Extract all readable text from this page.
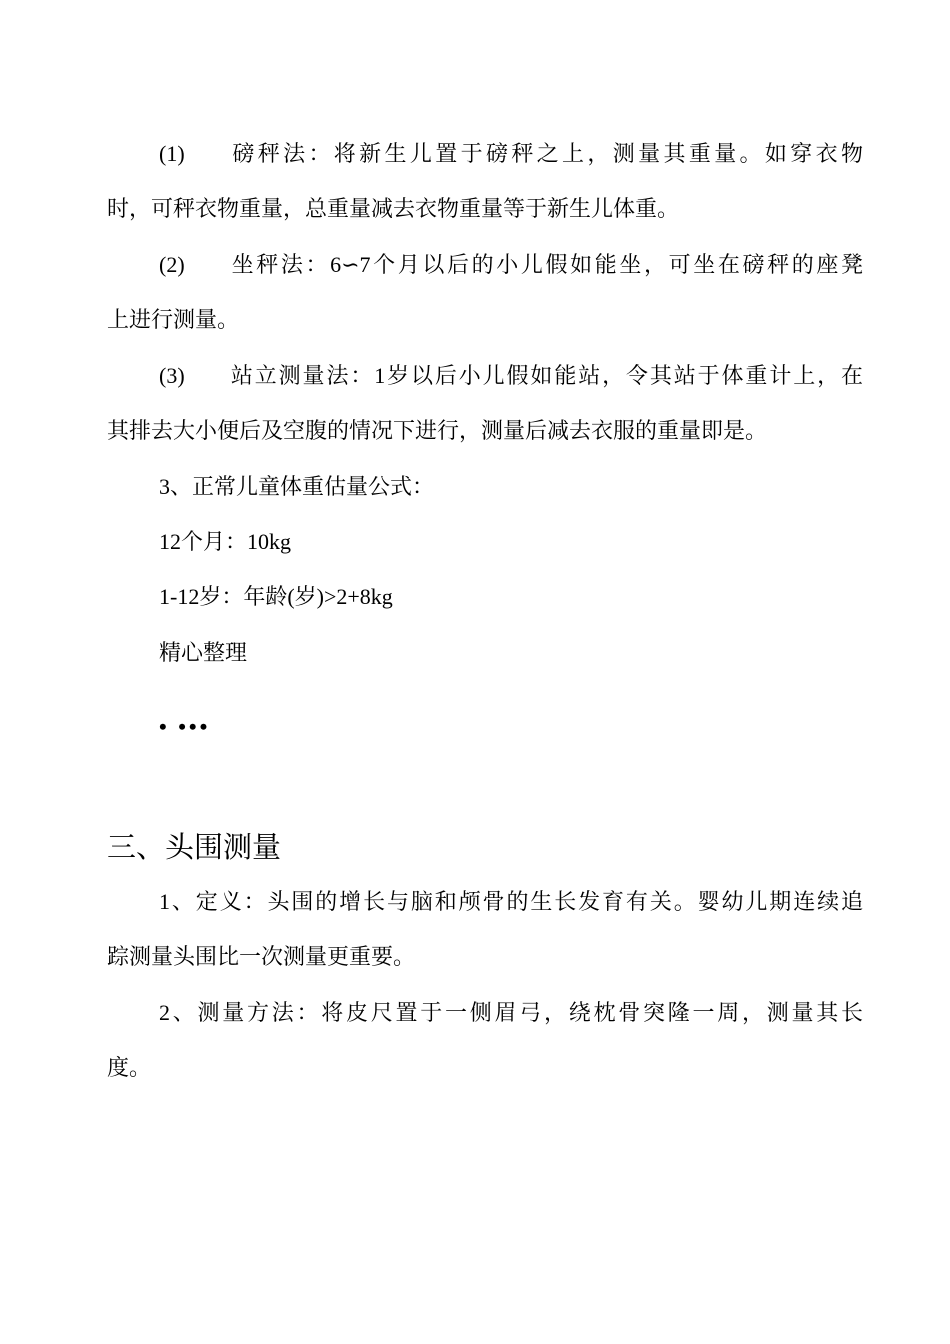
(1) 磅秤法：将新生儿置于磅秤之上，测量其重量。如穿衣物
时，可秤衣物重量，总重量减去衣物重量等于新生儿体重。
(2) 坐秤法：6∽7个月以后的小儿假如能坐，可坐在磅秤的座凳
上进行测量。
(3) 站立测量法：1岁以后小儿假如能站，令其站于体重计上，在
其排去大小便后及空腹的情况下进行，测量后减去衣服的重量即是。
3、正常儿童体重估量公式：
12个月：10kg
1-12岁：年龄(岁)>2+8kg
精心整理
• •••
三、头围测量
1、定义：头围的增长与脑和颅骨的生长发育有关。婴幼儿期连续追
踪测量头围比一次测量更重要。
2、测量方法：将皮尺置于一侧眉弓，绕枕骨突隆一周，测量其长
度。
